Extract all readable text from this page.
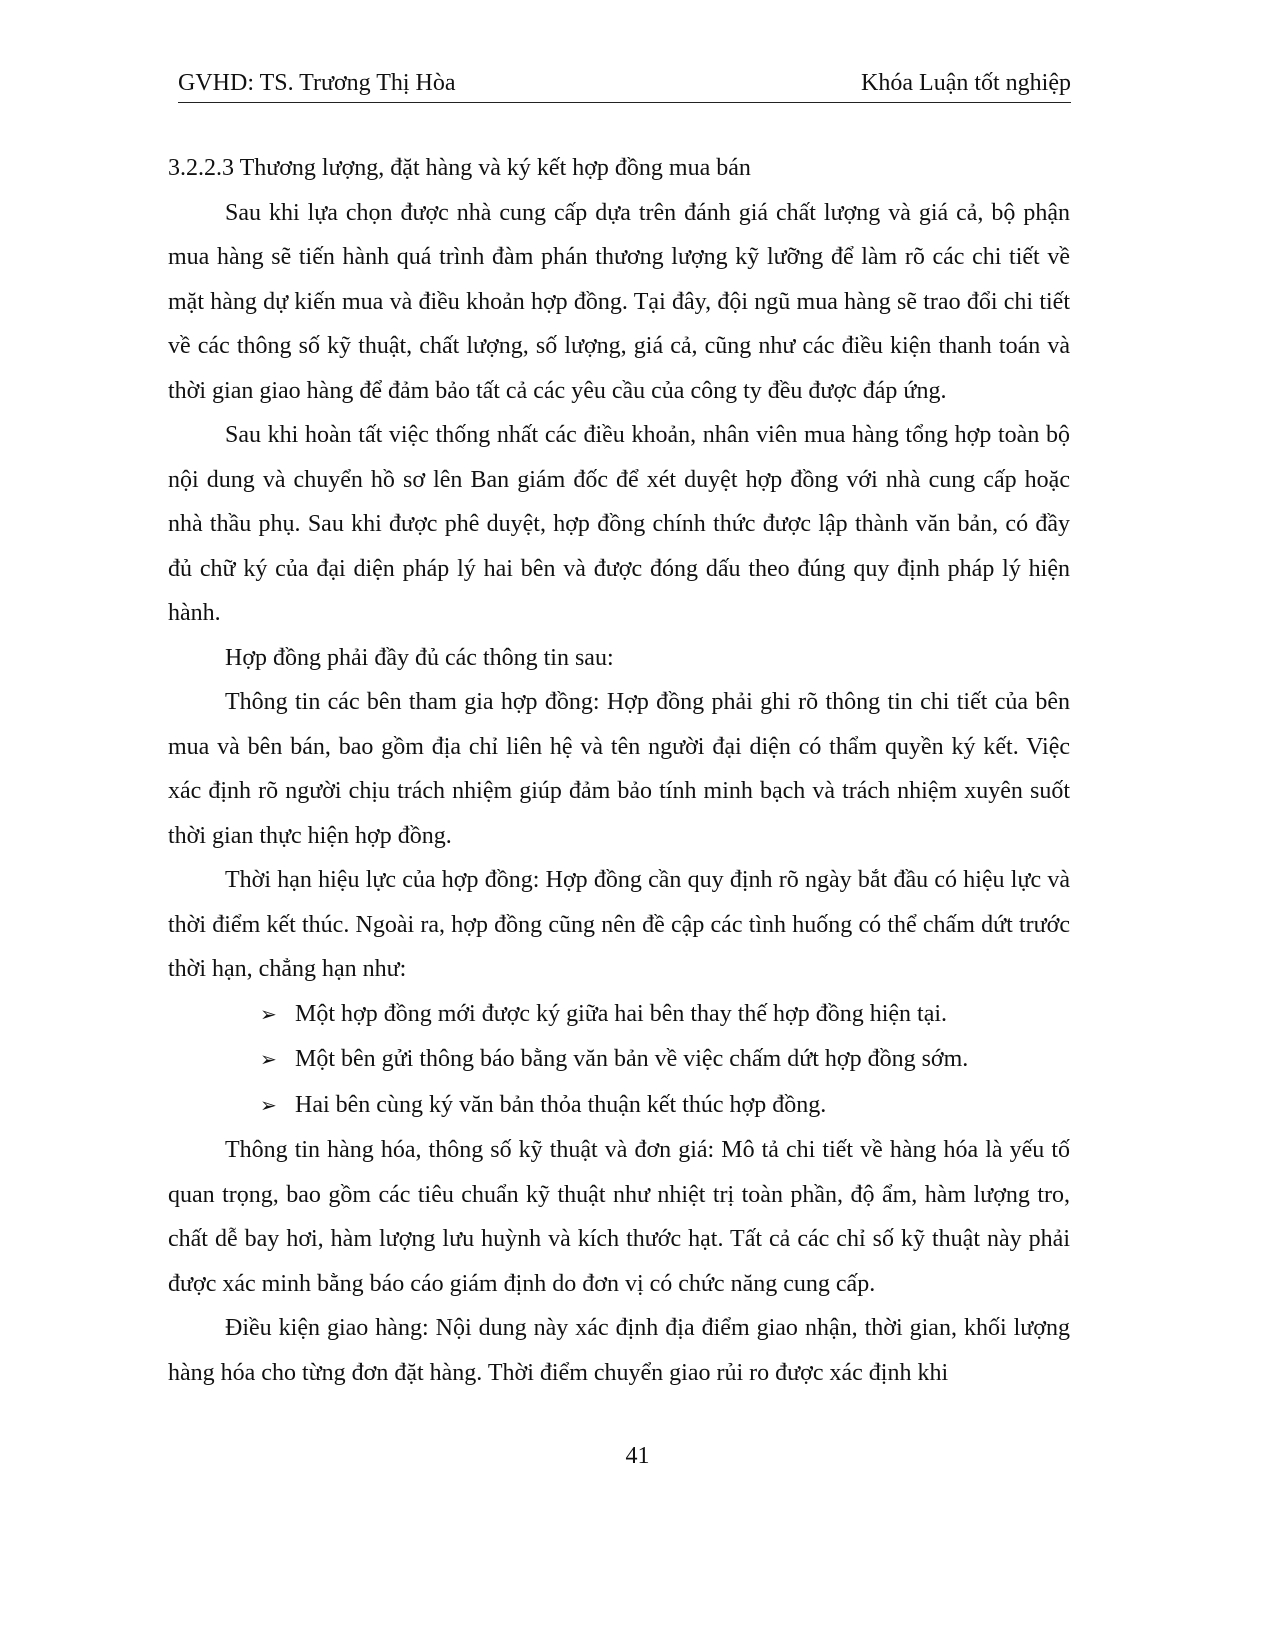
GVHD: TS. Trương Thị Hòa	Khóa Luận tốt nghiệp
3.2.2.3 Thương lượng, đặt hàng và ký kết hợp đồng mua bán

Sau khi lựa chọn được nhà cung cấp dựa trên đánh giá chất lượng và giá cả, bộ phận mua hàng sẽ tiến hành quá trình đàm phán thương lượng kỹ lưỡng để làm rõ các chi tiết về mặt hàng dự kiến mua và điều khoản hợp đồng. Tại đây, đội ngũ mua hàng sẽ trao đổi chi tiết về các thông số kỹ thuật, chất lượng, số lượng, giá cả, cũng như các điều kiện thanh toán và thời gian giao hàng để đảm bảo tất cả các yêu cầu của công ty đều được đáp ứng.

Sau khi hoàn tất việc thống nhất các điều khoản, nhân viên mua hàng tổng hợp toàn bộ nội dung và chuyển hồ sơ lên Ban giám đốc để xét duyệt hợp đồng với nhà cung cấp hoặc nhà thầu phụ. Sau khi được phê duyệt, hợp đồng chính thức được lập thành văn bản, có đầy đủ chữ ký của đại diện pháp lý hai bên và được đóng dấu theo đúng quy định pháp lý hiện hành.

Hợp đồng phải đầy đủ các thông tin sau:

Thông tin các bên tham gia hợp đồng: Hợp đồng phải ghi rõ thông tin chi tiết của bên mua và bên bán, bao gồm địa chỉ liên hệ và tên người đại diện có thẩm quyền ký kết. Việc xác định rõ người chịu trách nhiệm giúp đảm bảo tính minh bạch và trách nhiệm xuyên suốt thời gian thực hiện hợp đồng.

Thời hạn hiệu lực của hợp đồng: Hợp đồng cần quy định rõ ngày bắt đầu có hiệu lực và thời điểm kết thúc. Ngoài ra, hợp đồng cũng nên đề cập các tình huống có thể chấm dứt trước thời hạn, chẳng hạn như:

➢ Một hợp đồng mới được ký giữa hai bên thay thế hợp đồng hiện tại.
➢ Một bên gửi thông báo bằng văn bản về việc chấm dứt hợp đồng sớm.
➢ Hai bên cùng ký văn bản thỏa thuận kết thúc hợp đồng.

Thông tin hàng hóa, thông số kỹ thuật và đơn giá: Mô tả chi tiết về hàng hóa là yếu tố quan trọng, bao gồm các tiêu chuẩn kỹ thuật như nhiệt trị toàn phần, độ ẩm, hàm lượng tro, chất dễ bay hơi, hàm lượng lưu huỳnh và kích thước hạt. Tất cả các chỉ số kỹ thuật này phải được xác minh bằng báo cáo giám định do đơn vị có chức năng cung cấp.

Điều kiện giao hàng: Nội dung này xác định địa điểm giao nhận, thời gian, khối lượng hàng hóa cho từng đơn đặt hàng. Thời điểm chuyển giao rủi ro được xác định khi

41
